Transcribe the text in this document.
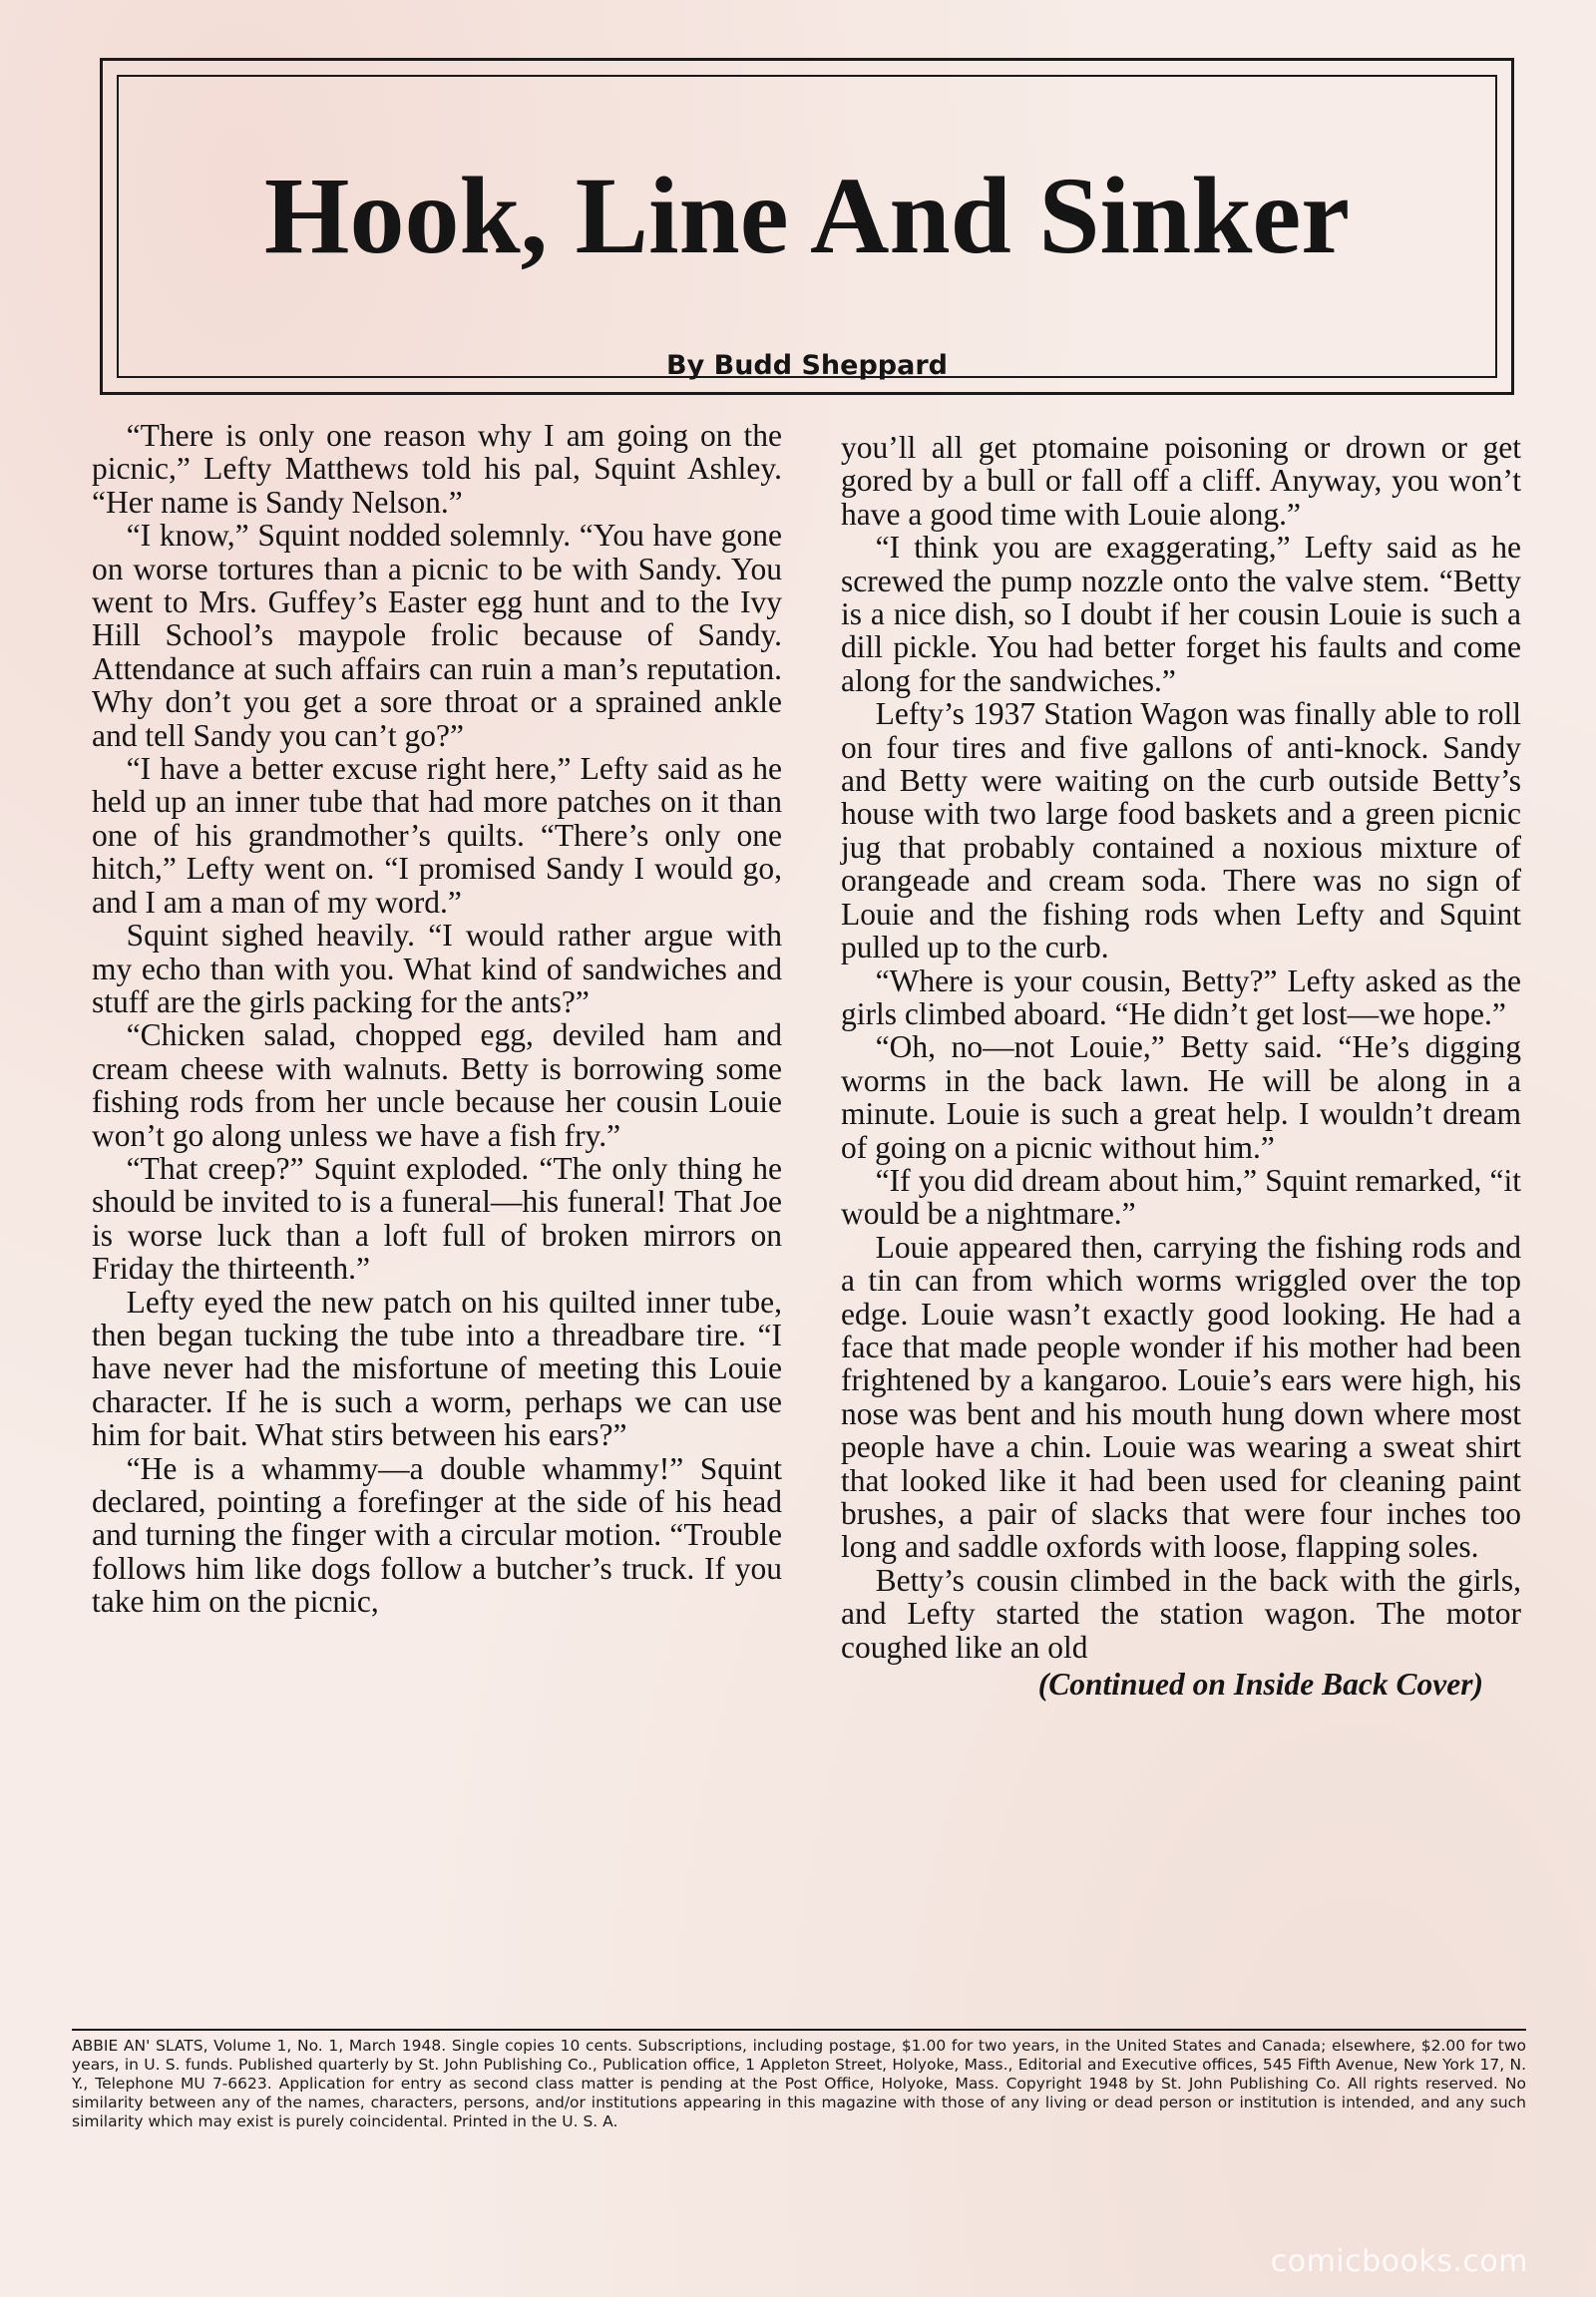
Hook, Line And Sinker
By Budd Sheppard

“There is only one reason why I am going on the picnic,” Lefty Matthews told his pal, Squint Ashley. “Her name is Sandy Nelson.”

“I know,” Squint nodded solemnly. “You have gone on worse tortures than a picnic to be with Sandy. You went to Mrs. Guffey’s Easter egg hunt and to the Ivy Hill School’s maypole frolic because of Sandy. Attendance at such affairs can ruin a man’s reputation. Why don’t you get a sore throat or a sprained ankle and tell Sandy you can’t go?”

“I have a better excuse right here,” Lefty said as he held up an inner tube that had more patches on it than one of his grandmother’s quilts. “There’s only one hitch,” Lefty went on. “I promised Sandy I would go, and I am a man of my word.”

Squint sighed heavily. “I would rather argue with my echo than with you. What kind of sandwiches and stuff are the girls packing for the ants?”

“Chicken salad, chopped egg, deviled ham and cream cheese with walnuts. Betty is borrowing some fishing rods from her uncle because her cousin Louie won’t go along unless we have a fish fry.”

“That creep?” Squint exploded. “The only thing he should be invited to is a funeral—his funeral! That Joe is worse luck than a loft full of broken mirrors on Friday the thirteenth.”

Lefty eyed the new patch on his quilted inner tube, then began tucking the tube into a threadbare tire. “I have never had the misfortune of meeting this Louie character. If he is such a worm, perhaps we can use him for bait. What stirs between his ears?”

“He is a whammy—a double whammy!” Squint declared, pointing a forefinger at the side of his head and turning the finger with a circular motion. “Trouble follows him like dogs follow a butcher’s truck. If you take him on the picnic,

you’ll all get ptomaine poisoning or drown or get gored by a bull or fall off a cliff. Anyway, you won’t have a good time with Louie along.”

“I think you are exaggerating,” Lefty said as he screwed the pump nozzle onto the valve stem. “Betty is a nice dish, so I doubt if her cousin Louie is such a dill pickle. You had better forget his faults and come along for the sandwiches.”

Lefty’s 1937 Station Wagon was finally able to roll on four tires and five gallons of anti-knock. Sandy and Betty were waiting on the curb outside Betty’s house with two large food baskets and a green picnic jug that probably contained a noxious mixture of orangeade and cream soda. There was no sign of Louie and the fishing rods when Lefty and Squint pulled up to the curb.

“Where is your cousin, Betty?” Lefty asked as the girls climbed aboard. “He didn’t get lost—we hope.”

“Oh, no—not Louie,” Betty said. “He’s digging worms in the back lawn. He will be along in a minute. Louie is such a great help. I wouldn’t dream of going on a picnic without him.”

“If you did dream about him,” Squint remarked, “it would be a nightmare.”

Louie appeared then, carrying the fishing rods and a tin can from which worms wriggled over the top edge. Louie wasn’t exactly good looking. He had a face that made people wonder if his mother had been frightened by a kangaroo. Louie’s ears were high, his nose was bent and his mouth hung down where most people have a chin. Louie was wearing a sweat shirt that looked like it had been used for cleaning paint brushes, a pair of slacks that were four inches too long and saddle oxfords with loose, flapping soles.

Betty’s cousin climbed in the back with the girls, and Lefty started the station wagon. The motor coughed like an old

(Continued on Inside Back Cover)
ABBIE AN' SLATS, Volume 1, No. 1, March 1948. Single copies 10 cents. Subscriptions, including postage, $1.00 for two years, in the United States and Canada; elsewhere, $2.00 for two years, in U. S. funds. Published quarterly by St. John Publishing Co., Publication office, 1 Appleton Street, Holyoke, Mass., Editorial and Executive offices, 545 Fifth Avenue, New York 17, N. Y., Telephone MU 7-6623. Application for entry as second class matter is pending at the Post Office, Holyoke, Mass. Copyright 1948 by St. John Publishing Co. All rights reserved. No similarity between any of the names, characters, persons, and/or institutions appearing in this magazine with those of any living or dead person or institution is intended, and any such similarity which may exist is purely coincidental. Printed in the U. S. A.
comicbooks.com
